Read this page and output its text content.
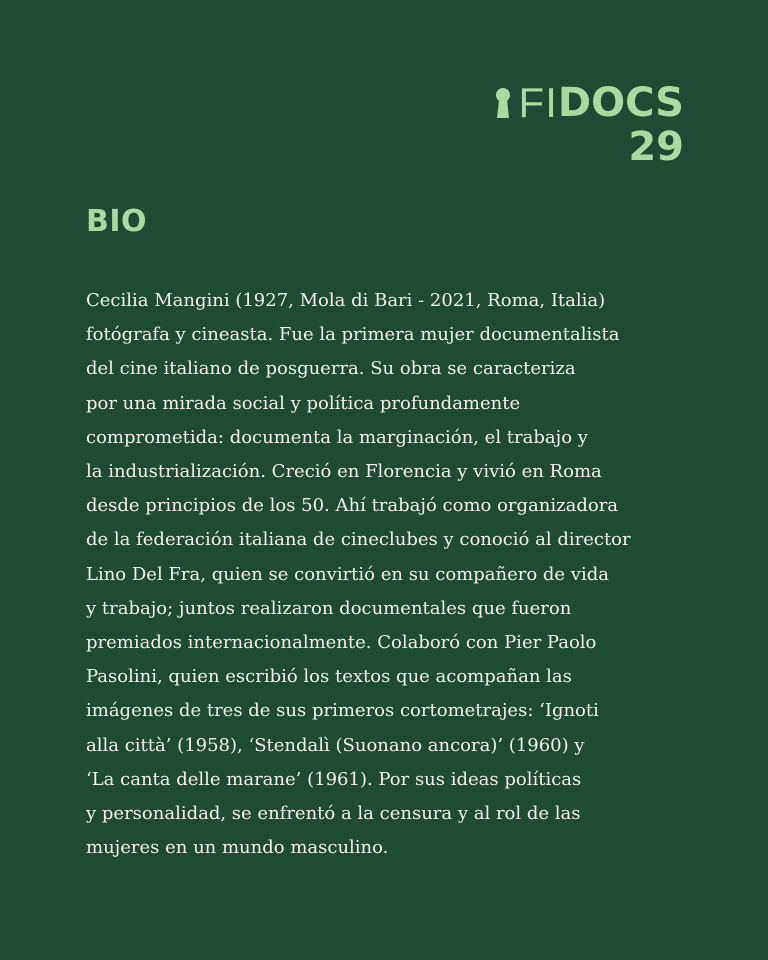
FI DOCS
29
BIO

Cecilia Mangini (1927, Mola di Bari - 2021, Roma, Italia)
fotógrafa y cineasta. Fue la primera mujer documentalista
del cine italiano de posguerra. Su obra se caracteriza
por una mirada social y política profundamente
comprometida: documenta la marginación, el trabajo y
la industrialización. Creció en Florencia y vivió en Roma
desde principios de los 50. Ahí trabajó como organizadora
de la federación italiana de cineclubes y conoció al director
Lino Del Fra, quien se convirtió en su compañero de vida
y trabajo; juntos realizaron documentales que fueron
premiados internacionalmente. Colaboró con Pier Paolo
Pasolini, quien escribió los textos que acompañan las
imágenes de tres de sus primeros cortometrajes: ‘Ignoti
alla città’ (1958), ‘Stendalì (Suonano ancora)’ (1960) y
‘La canta delle marane’ (1961). Por sus ideas políticas
y personalidad, se enfrentó a la censura y al rol de las
mujeres en un mundo masculino.
